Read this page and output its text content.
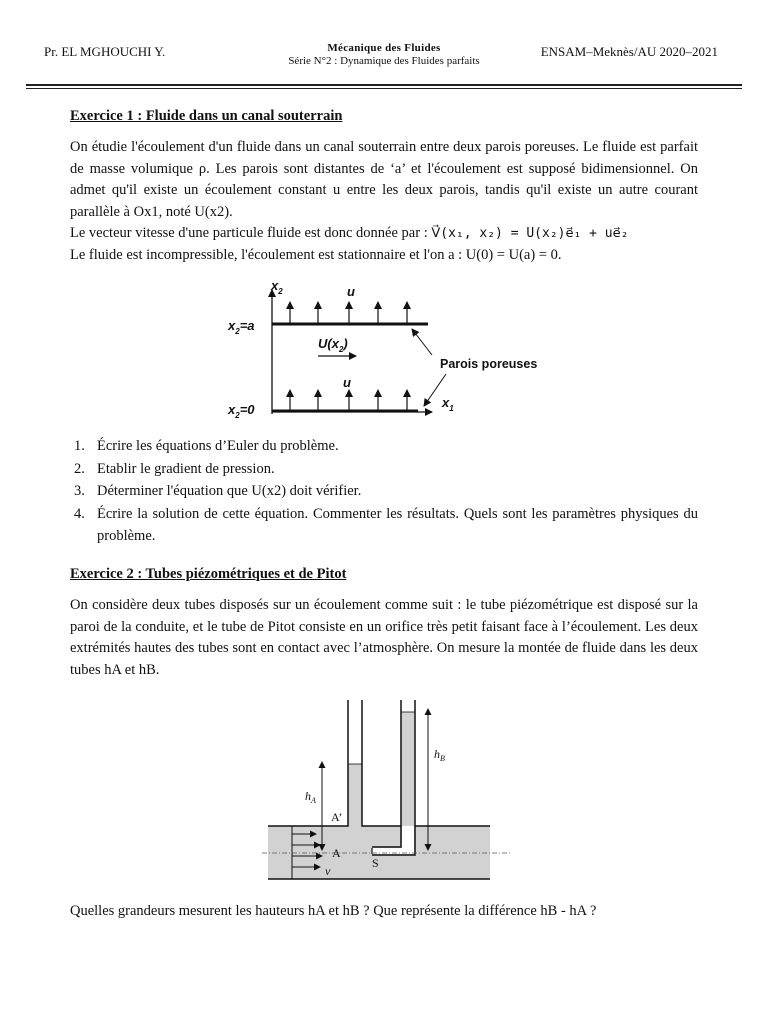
Pr. EL MGHOUCHI Y.	Mécanique des Fluides
Série N°2 : Dynamique des Fluides parfaits
ENSAM–Meknès/AU 2020–2021
Exercice 1 : Fluide dans un canal souterrain

On étudie l'écoulement d'un fluide dans un canal souterrain entre deux parois poreuses. Le fluide est parfait de masse volumique ρ. Les parois sont distantes de ‘a’ et l'écoulement est supposé bidimensionnel. On admet qu'il existe un écoulement constant u entre les deux parois, tandis qu'il existe un autre courant parallèle à Ox1, noté U(x2).

Le vecteur vitesse d'une particule fluide est donc donnée par : V⃗(x₁, x₂) = U(x₂)e⃗₁ + ue⃗₂

Le fluide est incompressible, l'écoulement est stationnaire et l'on a : U(0) = U(a) = 0.

$x_2$	u
$x_2=a$
$U(x_2)$
u
$x_2=0$	$x_1$
Parois poreuses
1. Écrire les équations d’Euler du problème.
2. Etablir le gradient de pression.
3. Déterminer l'équation que U(x2) doit vérifier.
4. Écrire la solution de cette équation. Commenter les résultats. Quels sont les paramètres physiques du problème.
Exercice 2 : Tubes piézométriques et de Pitot
On considère deux tubes disposés sur un écoulement comme suit : le tube piézométrique est disposé sur la paroi de la conduite, et le tube de Pitot consiste en un orifice très petit faisant face à l’écoulement. Les deux extrémités hautes des tubes sont en contact avec l’atmosphère. On mesure la montée de fluide dans les deux tubes hA et hB.
$h_A$
$h_B$
A’
A
S
v
Quelles grandeurs mesurent les hauteurs hA et hB ? Que représente la différence hB - hA ?
